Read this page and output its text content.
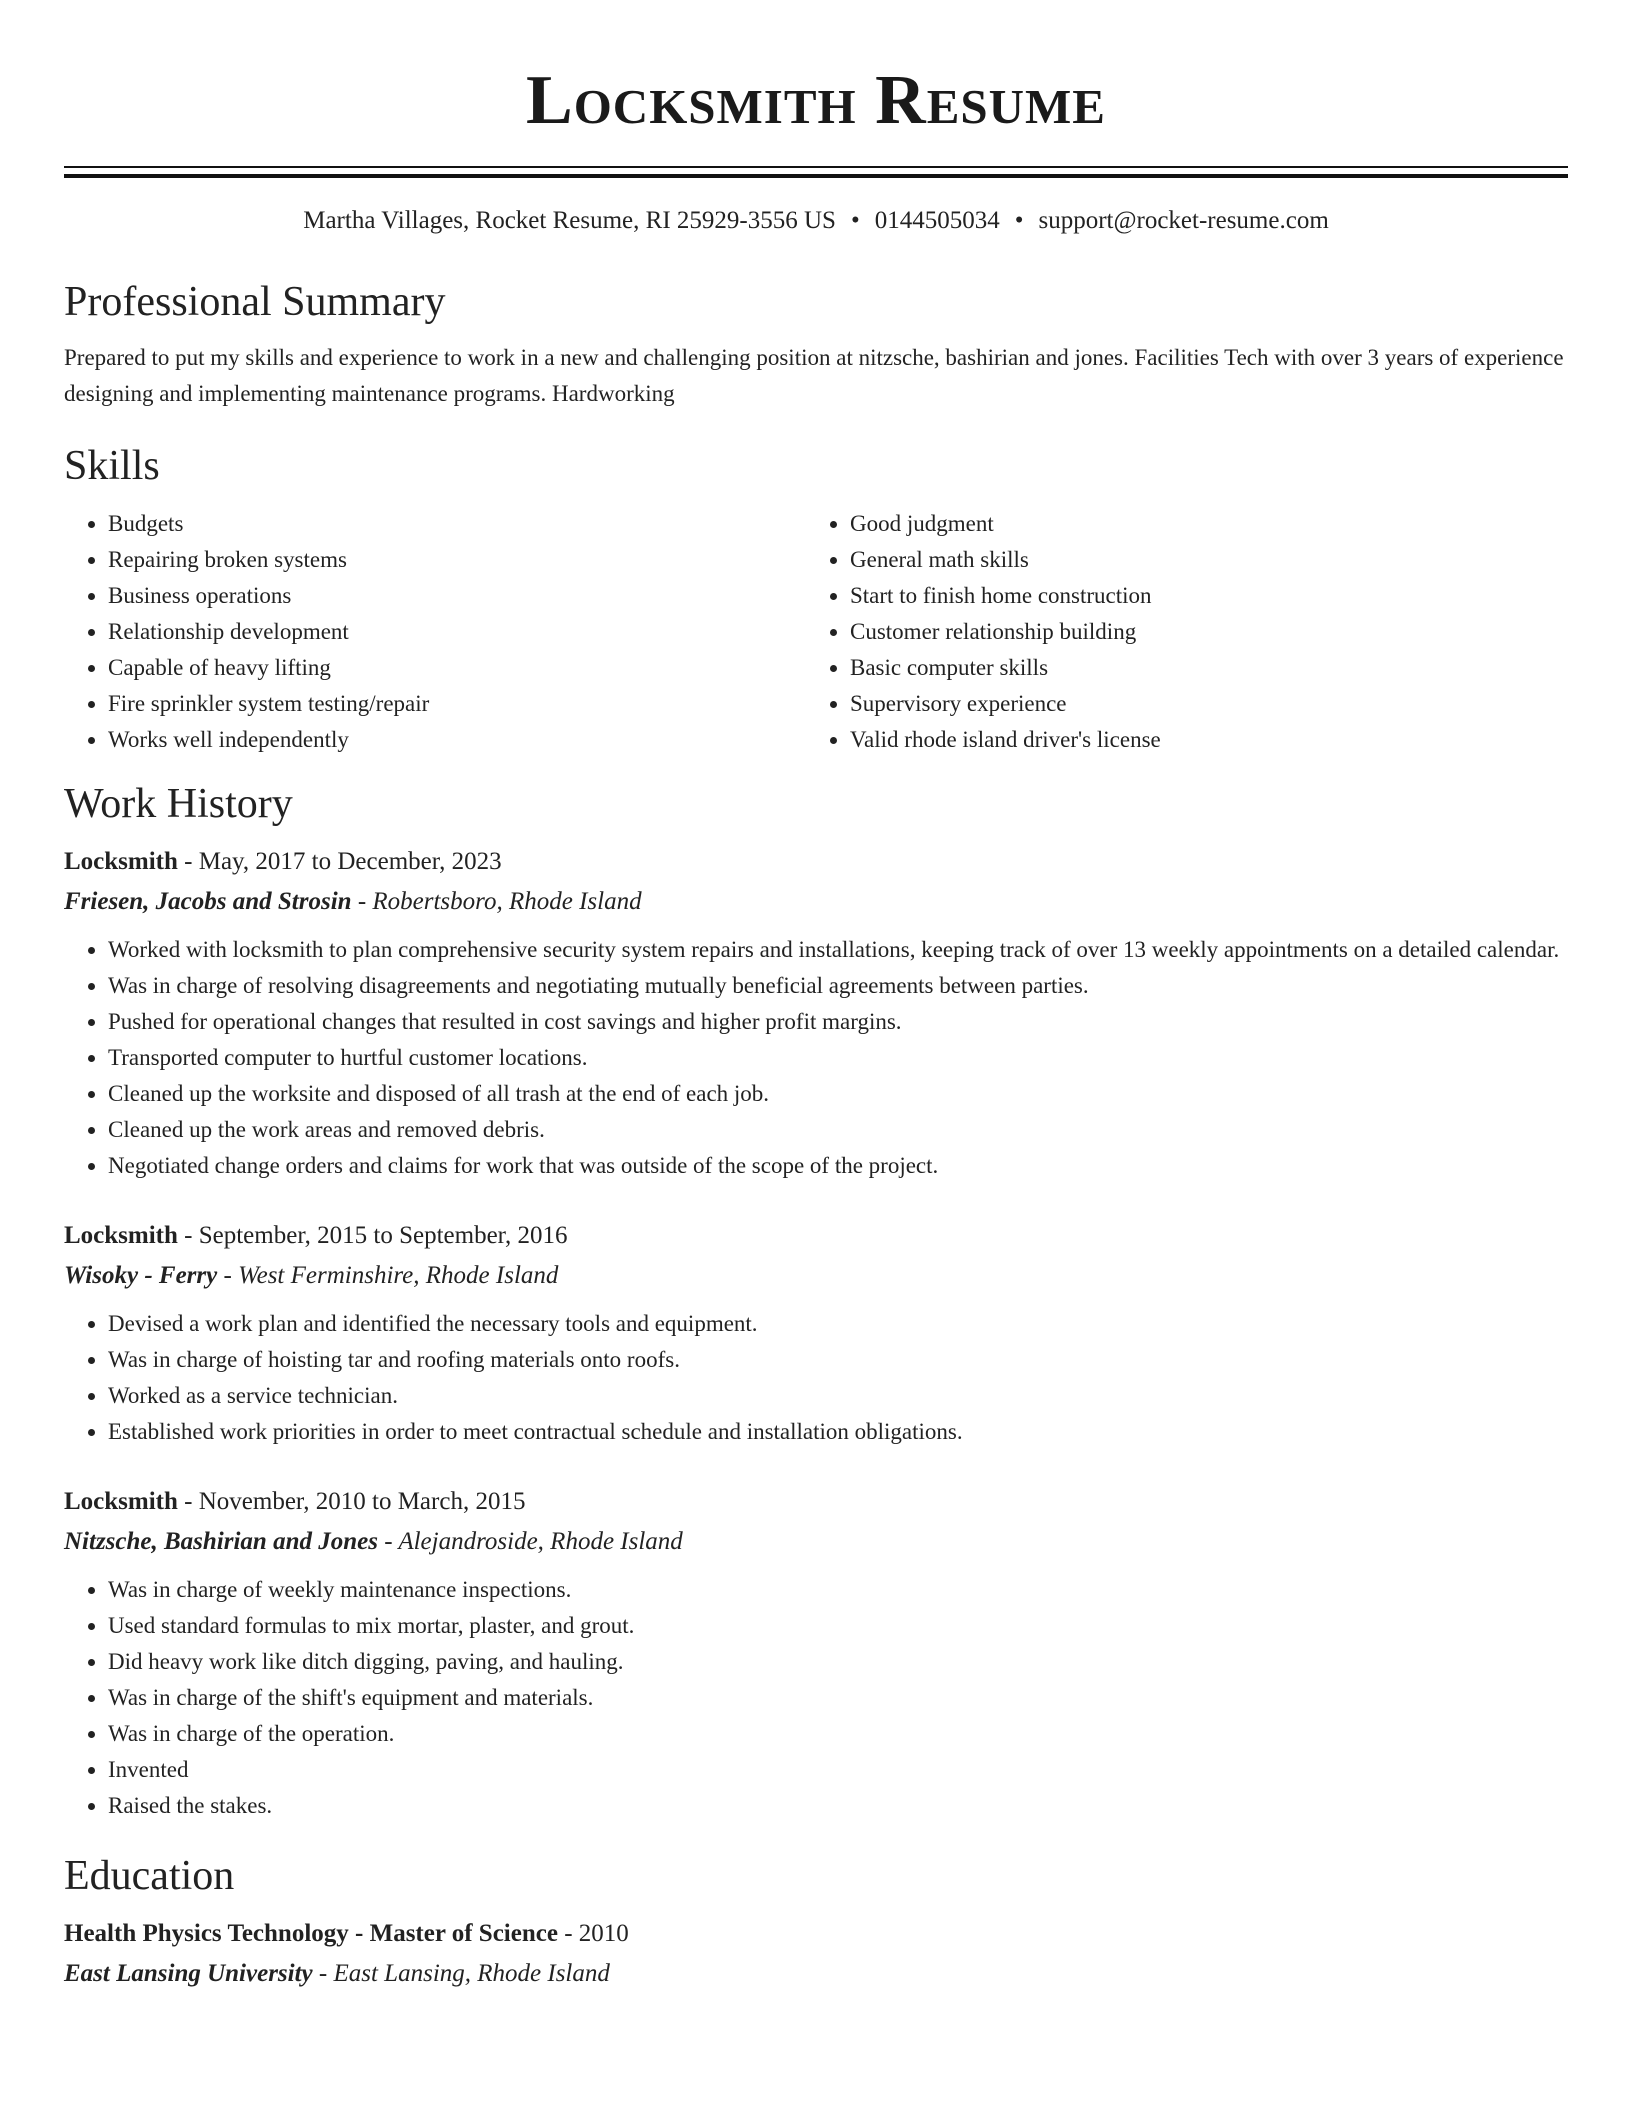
Locksmith Resume
Martha Villages, Rocket Resume, RI 25929-3556 US • 0144505034 • support@rocket-resume.com
Professional Summary
Prepared to put my skills and experience to work in a new and challenging position at nitzsche, bashirian and jones. Facilities Tech with over 3 years of experience designing and implementing maintenance programs. Hardworking
Skills
• Budgets
• Repairing broken systems
• Business operations
• Relationship development
• Capable of heavy lifting
• Fire sprinkler system testing/repair
• Works well independently
• Good judgment
• General math skills
• Start to finish home construction
• Customer relationship building
• Basic computer skills
• Supervisory experience
• Valid rhode island driver's license
Work History
Locksmith - May, 2017 to December, 2023
Friesen, Jacobs and Strosin - Robertsboro, Rhode Island
• Worked with locksmith to plan comprehensive security system repairs and installations, keeping track of over 13 weekly appointments on a detailed calendar.
• Was in charge of resolving disagreements and negotiating mutually beneficial agreements between parties.
• Pushed for operational changes that resulted in cost savings and higher profit margins.
• Transported computer to hurtful customer locations.
• Cleaned up the worksite and disposed of all trash at the end of each job.
• Cleaned up the work areas and removed debris.
• Negotiated change orders and claims for work that was outside of the scope of the project.
Locksmith - September, 2015 to September, 2016
Wisoky - Ferry - West Ferminshire, Rhode Island
• Devised a work plan and identified the necessary tools and equipment.
• Was in charge of hoisting tar and roofing materials onto roofs.
• Worked as a service technician.
• Established work priorities in order to meet contractual schedule and installation obligations.
Locksmith - November, 2010 to March, 2015
Nitzsche, Bashirian and Jones - Alejandroside, Rhode Island
• Was in charge of weekly maintenance inspections.
• Used standard formulas to mix mortar, plaster, and grout.
• Did heavy work like ditch digging, paving, and hauling.
• Was in charge of the shift's equipment and materials.
• Was in charge of the operation.
• Invented
• Raised the stakes.
Education
Health Physics Technology - Master of Science - 2010
East Lansing University - East Lansing, Rhode Island
